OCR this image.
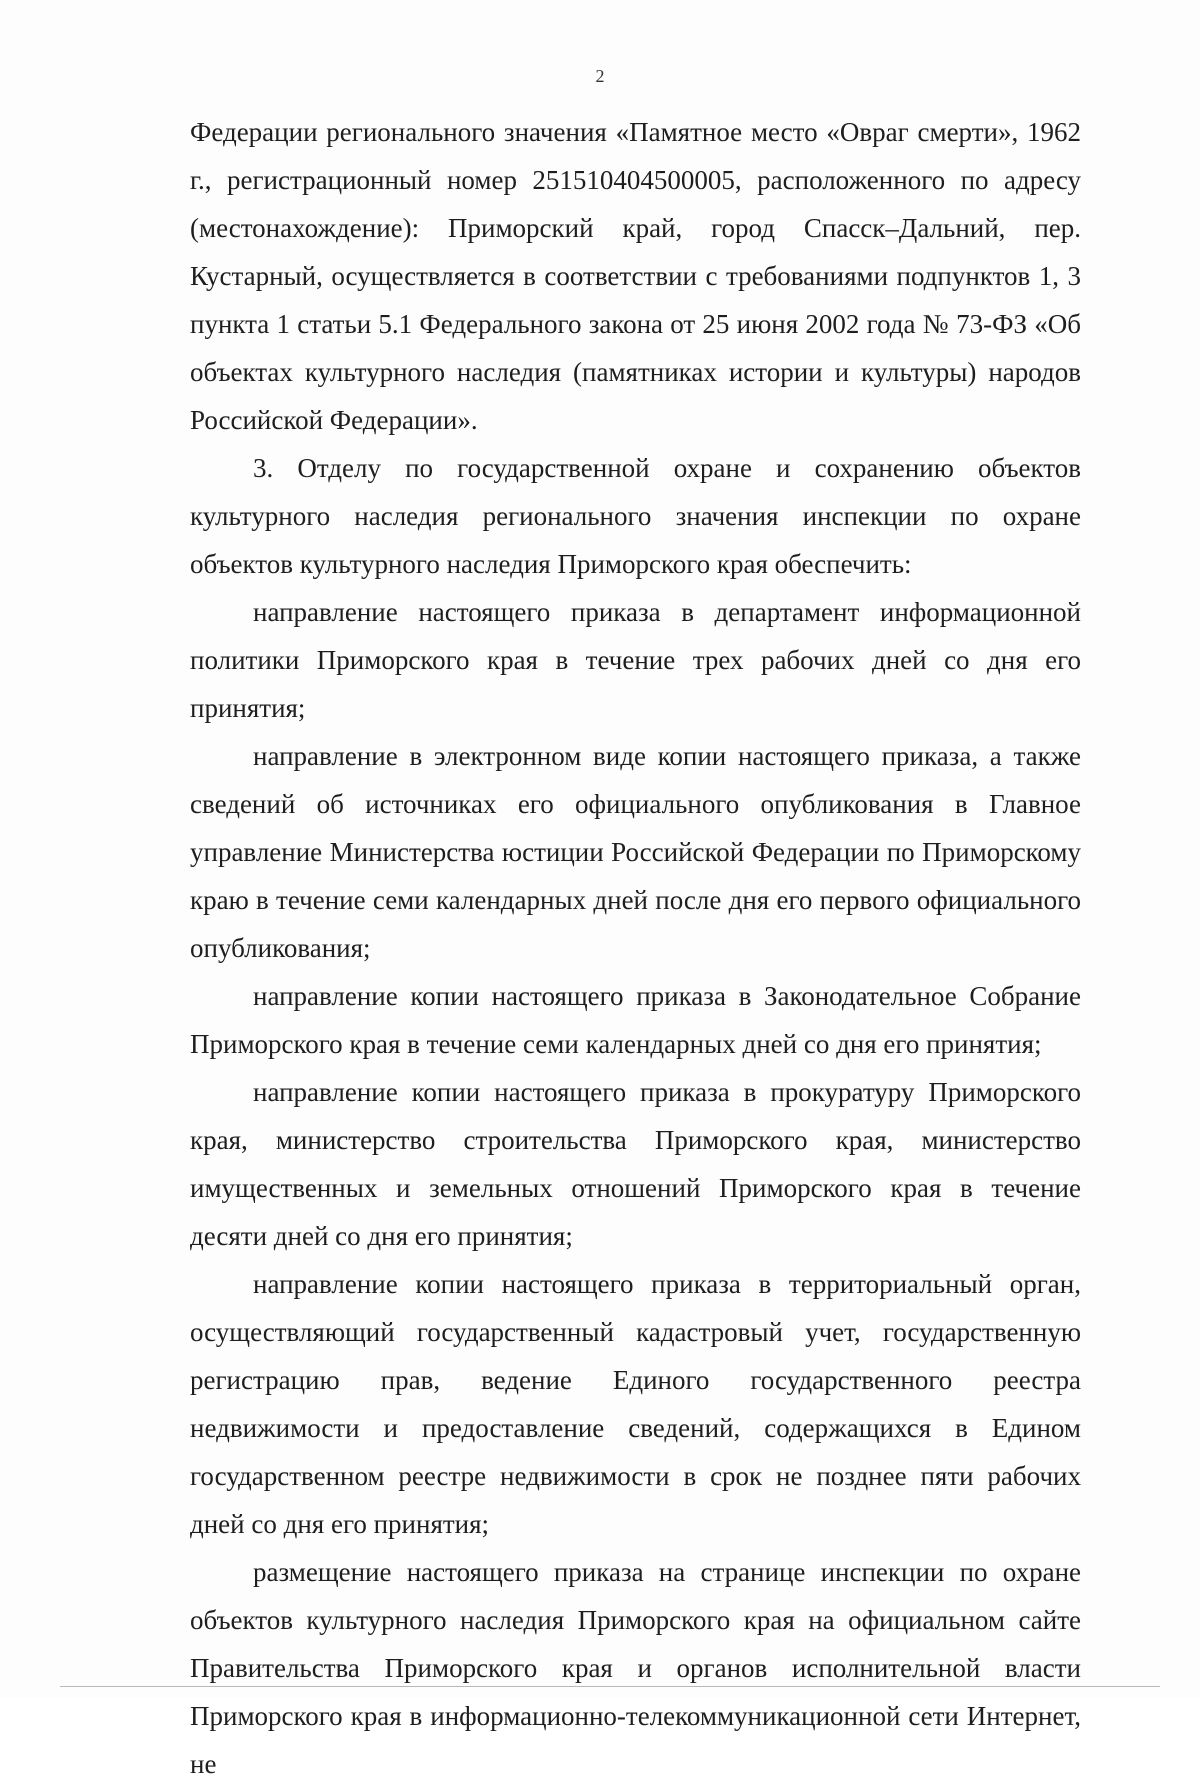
2

Федерации регионального значения «Памятное место «Овраг смерти», 1962 г., регистрационный номер 251510404500005, расположенного по адресу (местонахождение): Приморский край, город Спасск–Дальний, пер. Кустарный, осуществляется в соответствии с требованиями подпунктов 1, 3 пункта 1 статьи 5.1 Федерального закона от 25 июня 2002 года № 73-ФЗ «Об объектах культурного наследия (памятниках истории и культуры) народов Российской Федерации».

3. Отделу по государственной охране и сохранению объектов культурного наследия регионального значения инспекции по охране объектов культурного наследия Приморского края обеспечить:

направление настоящего приказа в департамент информационной политики Приморского края в течение трех рабочих дней со дня его принятия;

направление в электронном виде копии настоящего приказа, а также сведений об источниках его официального опубликования в Главное управление Министерства юстиции Российской Федерации по Приморскому краю в течение семи календарных дней после дня его первого официального опубликования;

направление копии настоящего приказа в Законодательное Собрание Приморского края в течение семи календарных дней со дня его принятия;

направление копии настоящего приказа в прокуратуру Приморского края, министерство строительства Приморского края, министерство имущественных и земельных отношений Приморского края в течение десяти дней со дня его принятия;

направление копии настоящего приказа в территориальный орган, осуществляющий государственный кадастровый учет, государственную регистрацию прав, ведение Единого государственного реестра недвижимости и предоставление сведений, содержащихся в Едином государственном реестре недвижимости в срок не позднее пяти рабочих дней со дня его принятия;

размещение настоящего приказа на странице инспекции по охране объектов культурного наследия Приморского края на официальном сайте Правительства Приморского края и органов исполнительной власти Приморского края в информационно-телекоммуникационной сети Интернет, не
